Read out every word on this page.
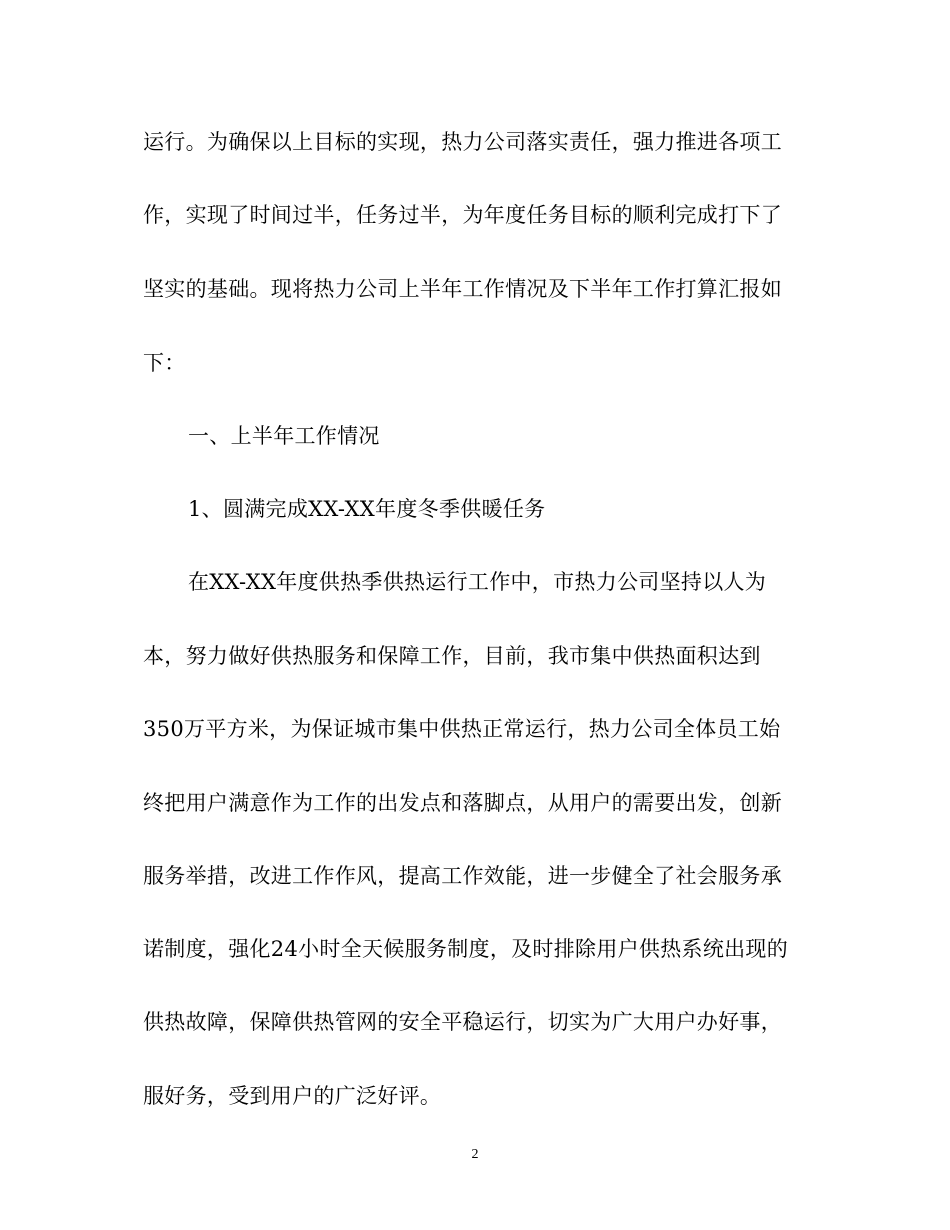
运行。为确保以上目标的实现，热力公司落实责任，强力推进各项工
作，实现了时间过半，任务过半，为年度任务目标的顺利完成打下了
坚实的基础。现将热力公司上半年工作情况及下半年工作打算汇报如
下：
一、上半年工作情况
1、圆满完成XX-XX年度冬季供暖任务
在XX-XX年度供热季供热运行工作中，市热力公司坚持以人为
本，努力做好供热服务和保障工作，目前，我市集中供热面积达到
350万平方米，为保证城市集中供热正常运行，热力公司全体员工始
终把用户满意作为工作的出发点和落脚点，从用户的需要出发，创新
服务举措，改进工作作风，提高工作效能，进一步健全了社会服务承
诺制度，强化24小时全天候服务制度，及时排除用户供热系统出现的
供热故障，保障供热管网的安全平稳运行，切实为广大用户办好事，
服好务，受到用户的广泛好评。
2
